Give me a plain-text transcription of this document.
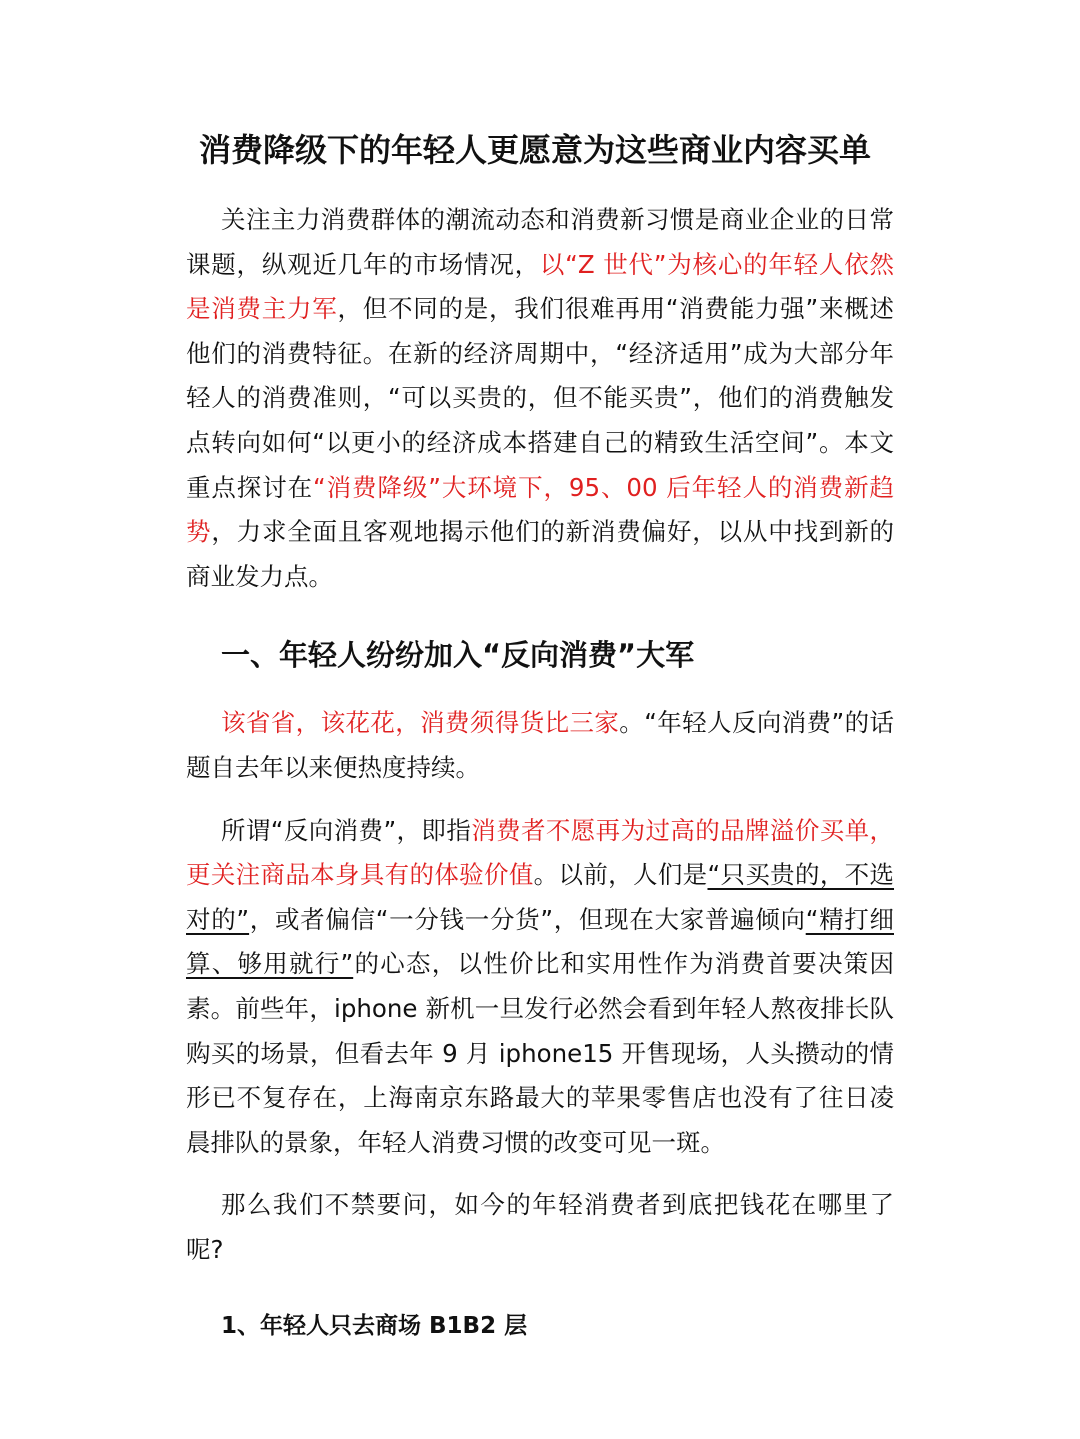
消费降级下的年轻人更愿意为这些商业内容买单

关注主力消费群体的潮流动态和消费新习惯是商业企业的日常课题，纵观近几年的市场情况，以“Z 世代”为核心的年轻人依然是消费主力军，但不同的是，我们很难再用“消费能力强”来概述他们的消费特征。在新的经济周期中，“经济适用”成为大部分年轻人的消费准则，“可以买贵的，但不能买贵”，他们的消费触发点转向如何“以更小的经济成本搭建自己的精致生活空间”。本文重点探讨在“消费降级”大环境下，95、00 后年轻人的消费新趋势，力求全面且客观地揭示他们的新消费偏好，以从中找到新的商业发力点。

一、年轻人纷纷加入“反向消费”大军

该省省，该花花，消费须得货比三家。“年轻人反向消费”的话题自去年以来便热度持续。

所谓“反向消费”，即指消费者不愿再为过高的品牌溢价买单，更关注商品本身具有的体验价值。以前，人们是“只买贵的，不选对的”，或者偏信“一分钱一分货”，但现在大家普遍倾向“精打细算、够用就行”的心态，以性价比和实用性作为消费首要决策因素。前些年，iphone 新机一旦发行必然会看到年轻人熬夜排长队购买的场景，但看去年 9 月 iphone15 开售现场，人头攒动的情形已不复存在，上海南京东路最大的苹果零售店也没有了往日凌晨排队的景象，年轻人消费习惯的改变可见一斑。

那么我们不禁要问，如今的年轻消费者到底把钱花在哪里了呢?

1、年轻人只去商场 B1B2 层
